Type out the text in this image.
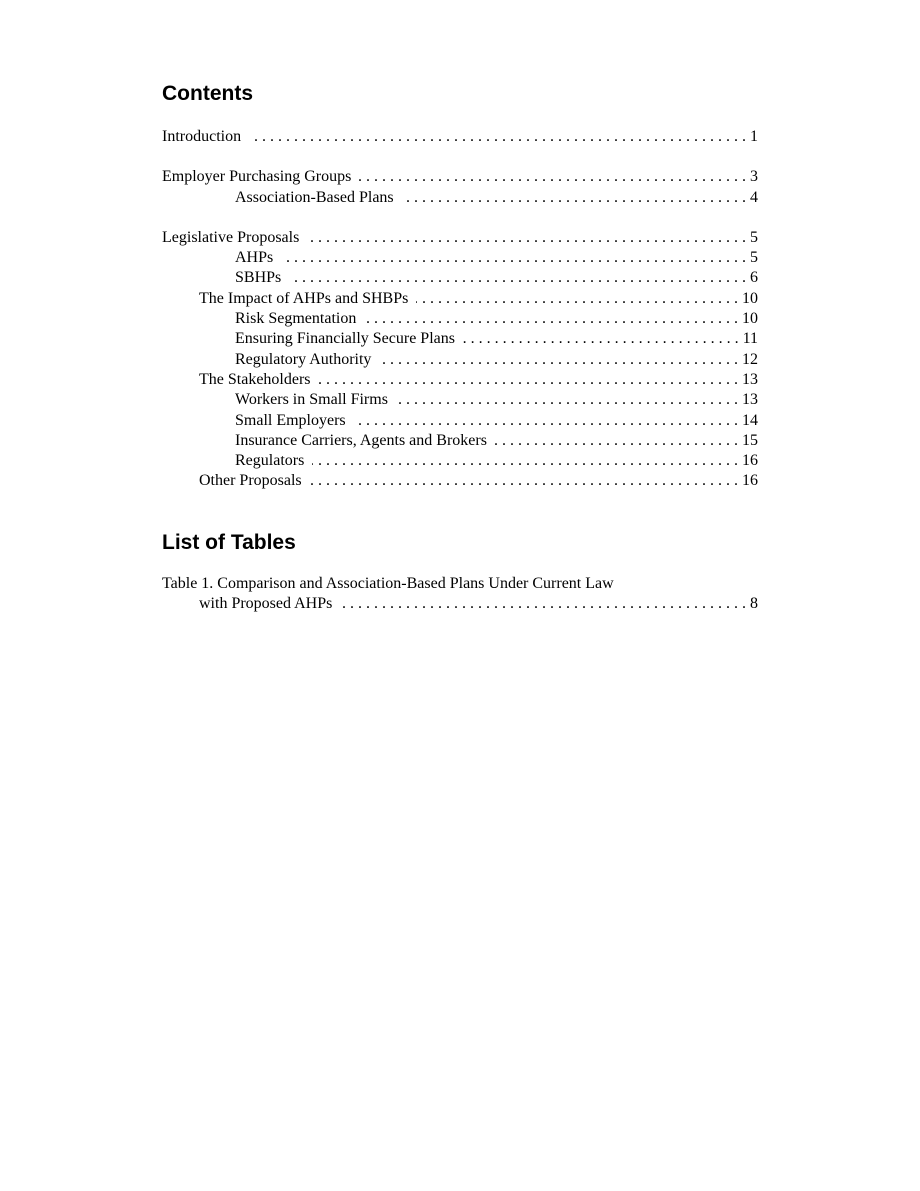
Contents
Introduction . . .	1
Employer Purchasing Groups . . .	3
Association-Based Plans . . .	4
Legislative Proposals . . .	5
AHPs . . .	5
SBHPs . . .	6
The Impact of AHPs and SHBPs . . .	10
Risk Segmentation . . .	10
Ensuring Financially Secure Plans . . .	11
Regulatory Authority . . .	12
The Stakeholders . . .	13
Workers in Small Firms . . .	13
Small Employers . . .	14
Insurance Carriers, Agents and Brokers . . .	15
Regulators . . .	16
Other Proposals . . .	16
List of Tables
Table 1. Comparison and Association-Based Plans Under Current Law
with Proposed AHPs . . .	8
